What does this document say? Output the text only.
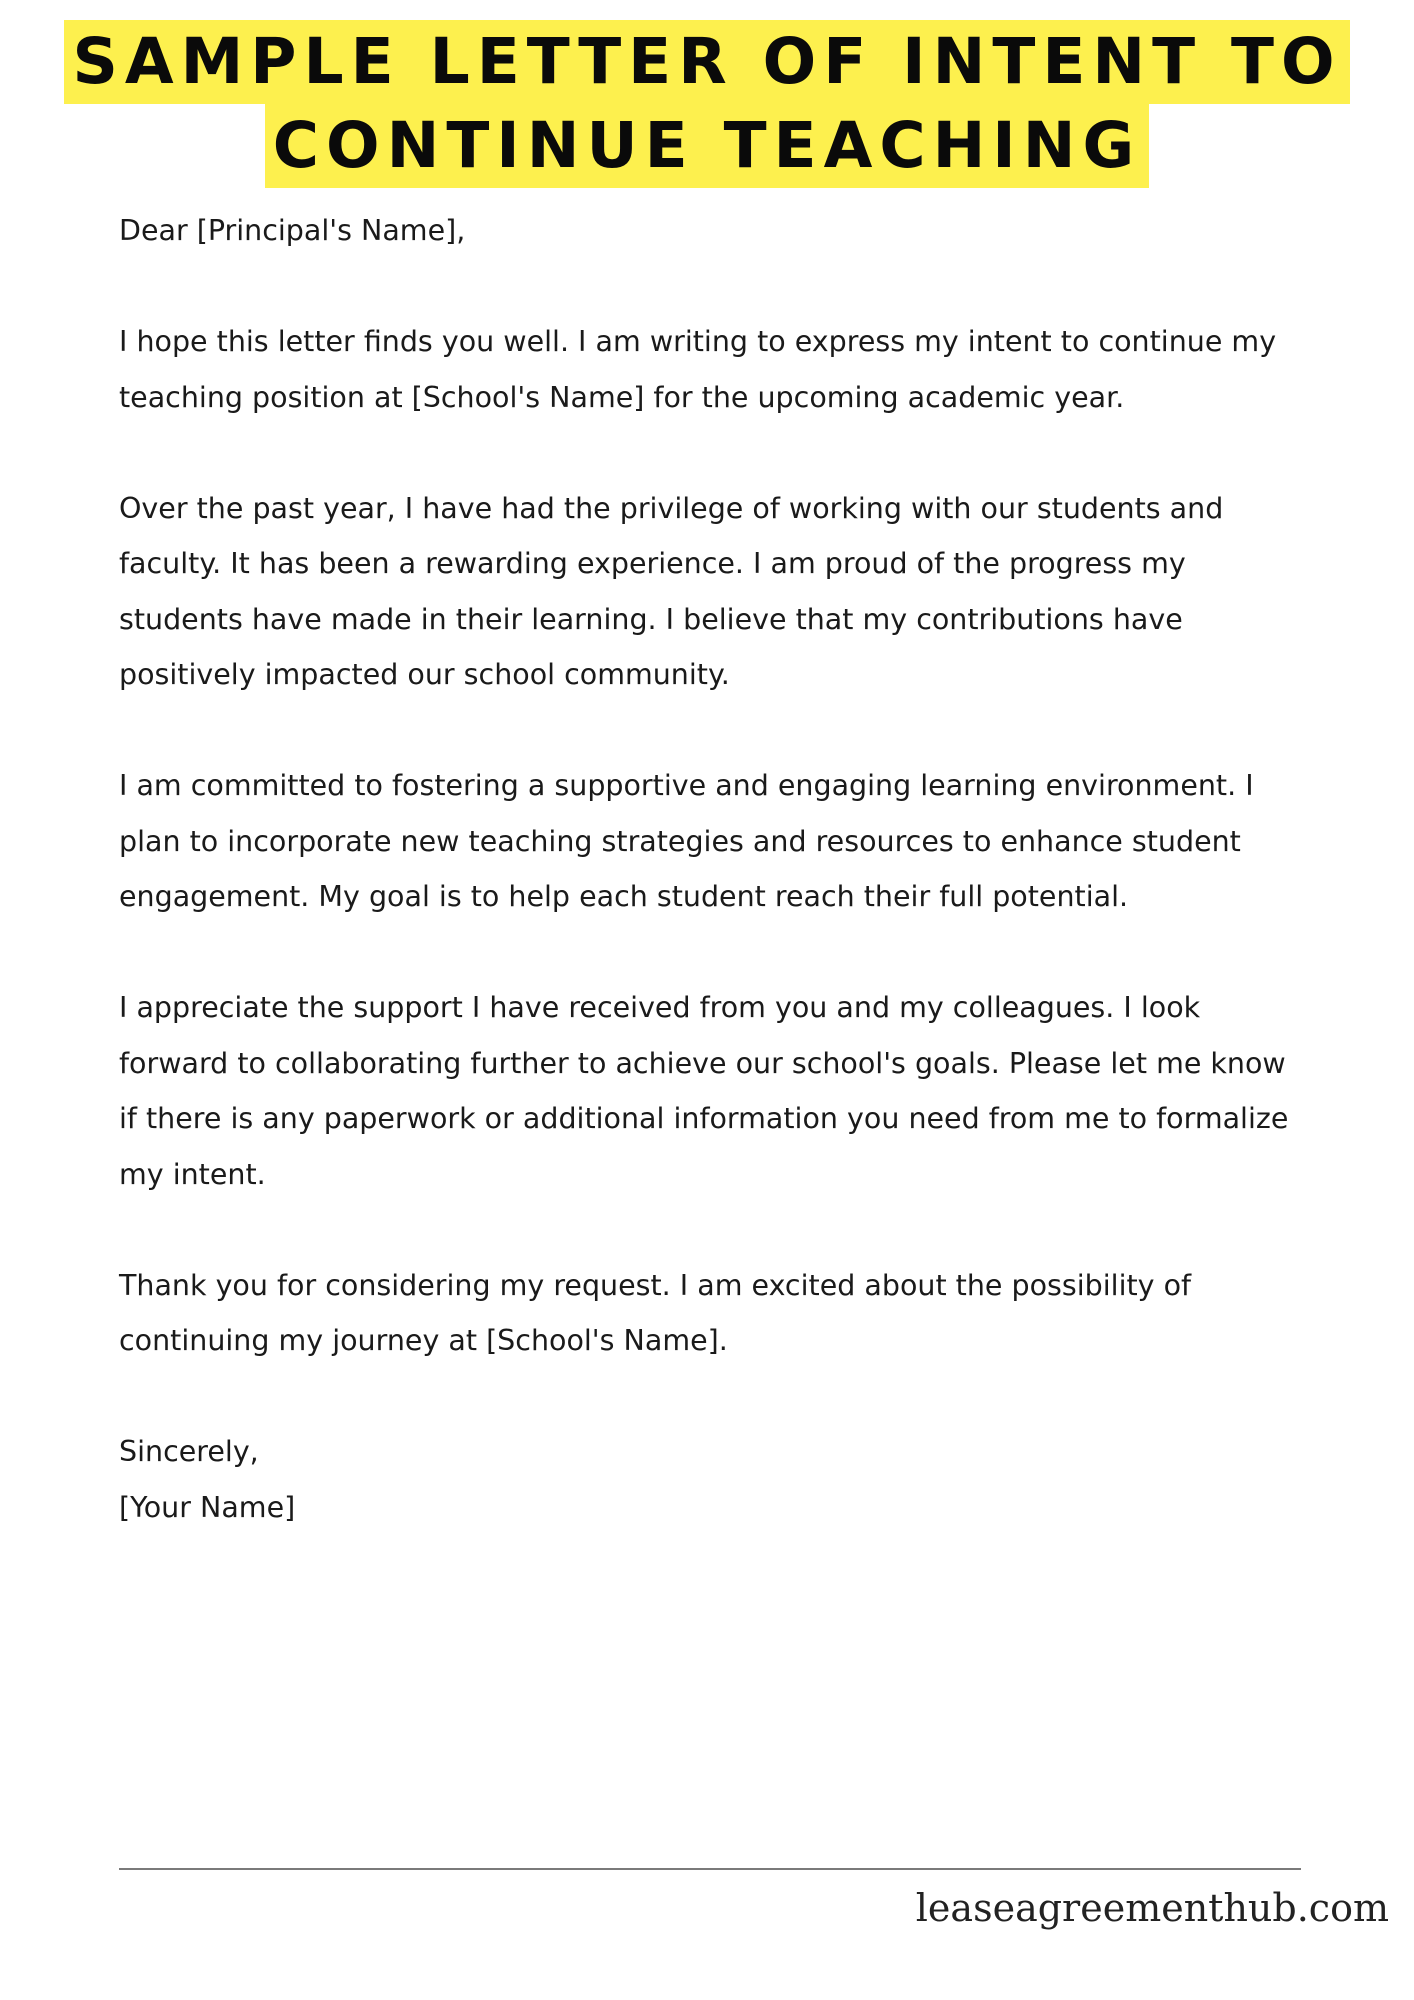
SAMPLE LETTER OF INTENT TO
CONTINUE TEACHING

Dear [Principal's Name],

I hope this letter finds you well. I am writing to express my intent to continue my teaching position at [School's Name] for the upcoming academic year.

Over the past year, I have had the privilege of working with our students and faculty. It has been a rewarding experience. I am proud of the progress my students have made in their learning. I believe that my contributions have positively impacted our school community.

I am committed to fostering a supportive and engaging learning environment. I plan to incorporate new teaching strategies and resources to enhance student engagement. My goal is to help each student reach their full potential.

I appreciate the support I have received from you and my colleagues. I look forward to collaborating further to achieve our school's goals. Please let me know if there is any paperwork or additional information you need from me to formalize my intent.

Thank you for considering my request. I am excited about the possibility of continuing my journey at [School's Name].

Sincerely,

[Your Name]

leaseagreementhub.com
